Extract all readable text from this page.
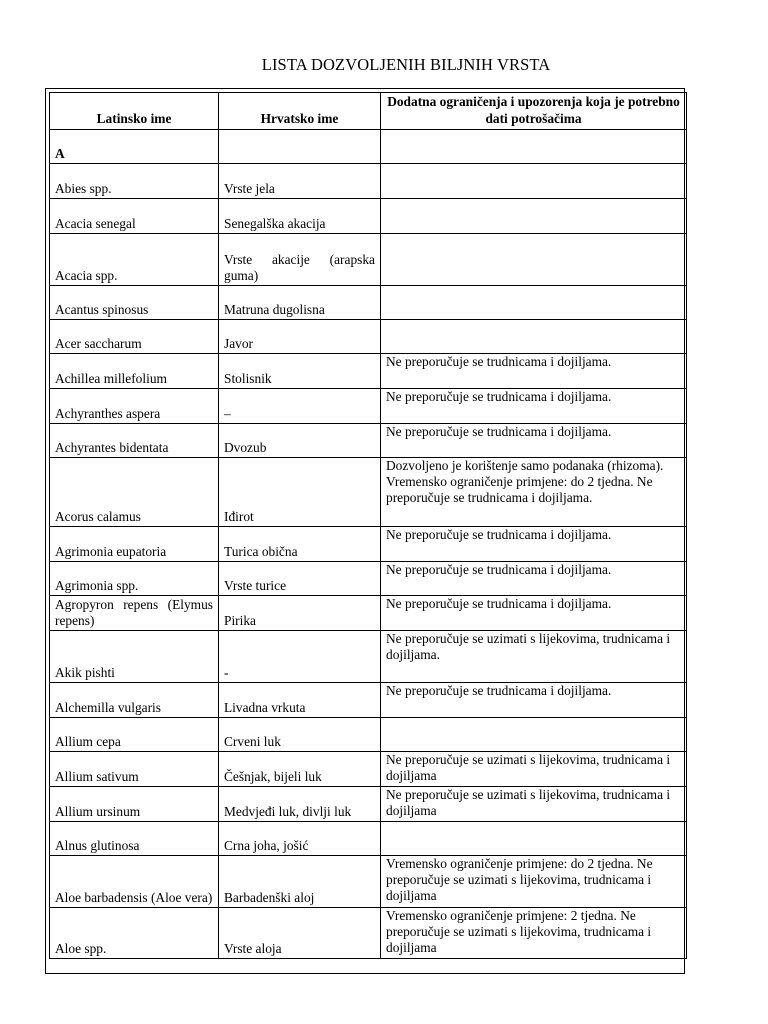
LISTA DOZVOLJENIH BILJNIH VRSTA
Latinsko ime	Hrvatsko ime	Dodatna ograničenja i upozorenja koja je potrebno dati potrošačima
A		
Abies spp.	Vrste jela	
Acacia senegal	Senegalška akacija	
Acacia spp.	Vrste akacije (arapska guma)	
Acantus spinosus	Matruna dugolisna	
Acer saccharum	Javor	
Achillea millefolium	Stolisnik	Ne preporučuje se trudnicama i dojiljama.
Achyranthes aspera	–	Ne preporučuje se trudnicama i dojiljama.
Achyrantes bidentata	Dvozub	Ne preporučuje se trudnicama i dojiljama.
Acorus calamus	Iđirot	Dozvoljeno je korištenje samo podanaka (rhizoma). Vremensko ograničenje primjene: do 2 tjedna. Ne preporučuje se trudnicama i dojiljama.
Agrimonia eupatoria	Turica obična	Ne preporučuje se trudnicama i dojiljama.
Agrimonia spp.	Vrste turice	Ne preporučuje se trudnicama i dojiljama.
Agropyron repens (Elymus repens)	Pirika	Ne preporučuje se trudnicama i dojiljama.
Akik pishti	-	Ne preporučuje se uzimati s lijekovima, trudnicama i dojiljama.
Alchemilla vulgaris	Livadna vrkuta	Ne preporučuje se trudnicama i dojiljama.
Allium cepa	Crveni luk	
Allium sativum	Češnjak, bijeli luk	Ne preporučuje se uzimati s lijekovima, trudnicama i dojiljama
Allium ursinum	Medvjeđi luk, divlji luk	Ne preporučuje se uzimati s lijekovima, trudnicama i dojiljama
Alnus glutinosa	Crna joha, jošić	
Aloe barbadensis (Aloe vera)	Barbadenški aloj	Vremensko ograničenje primjene: do 2 tjedna. Ne preporučuje se uzimati s lijekovima, trudnicama i dojiljama
Aloe spp.	Vrste aloja	Vremensko ograničenje primjene: 2 tjedna. Ne preporučuje se uzimati s lijekovima, trudnicama i dojiljama
